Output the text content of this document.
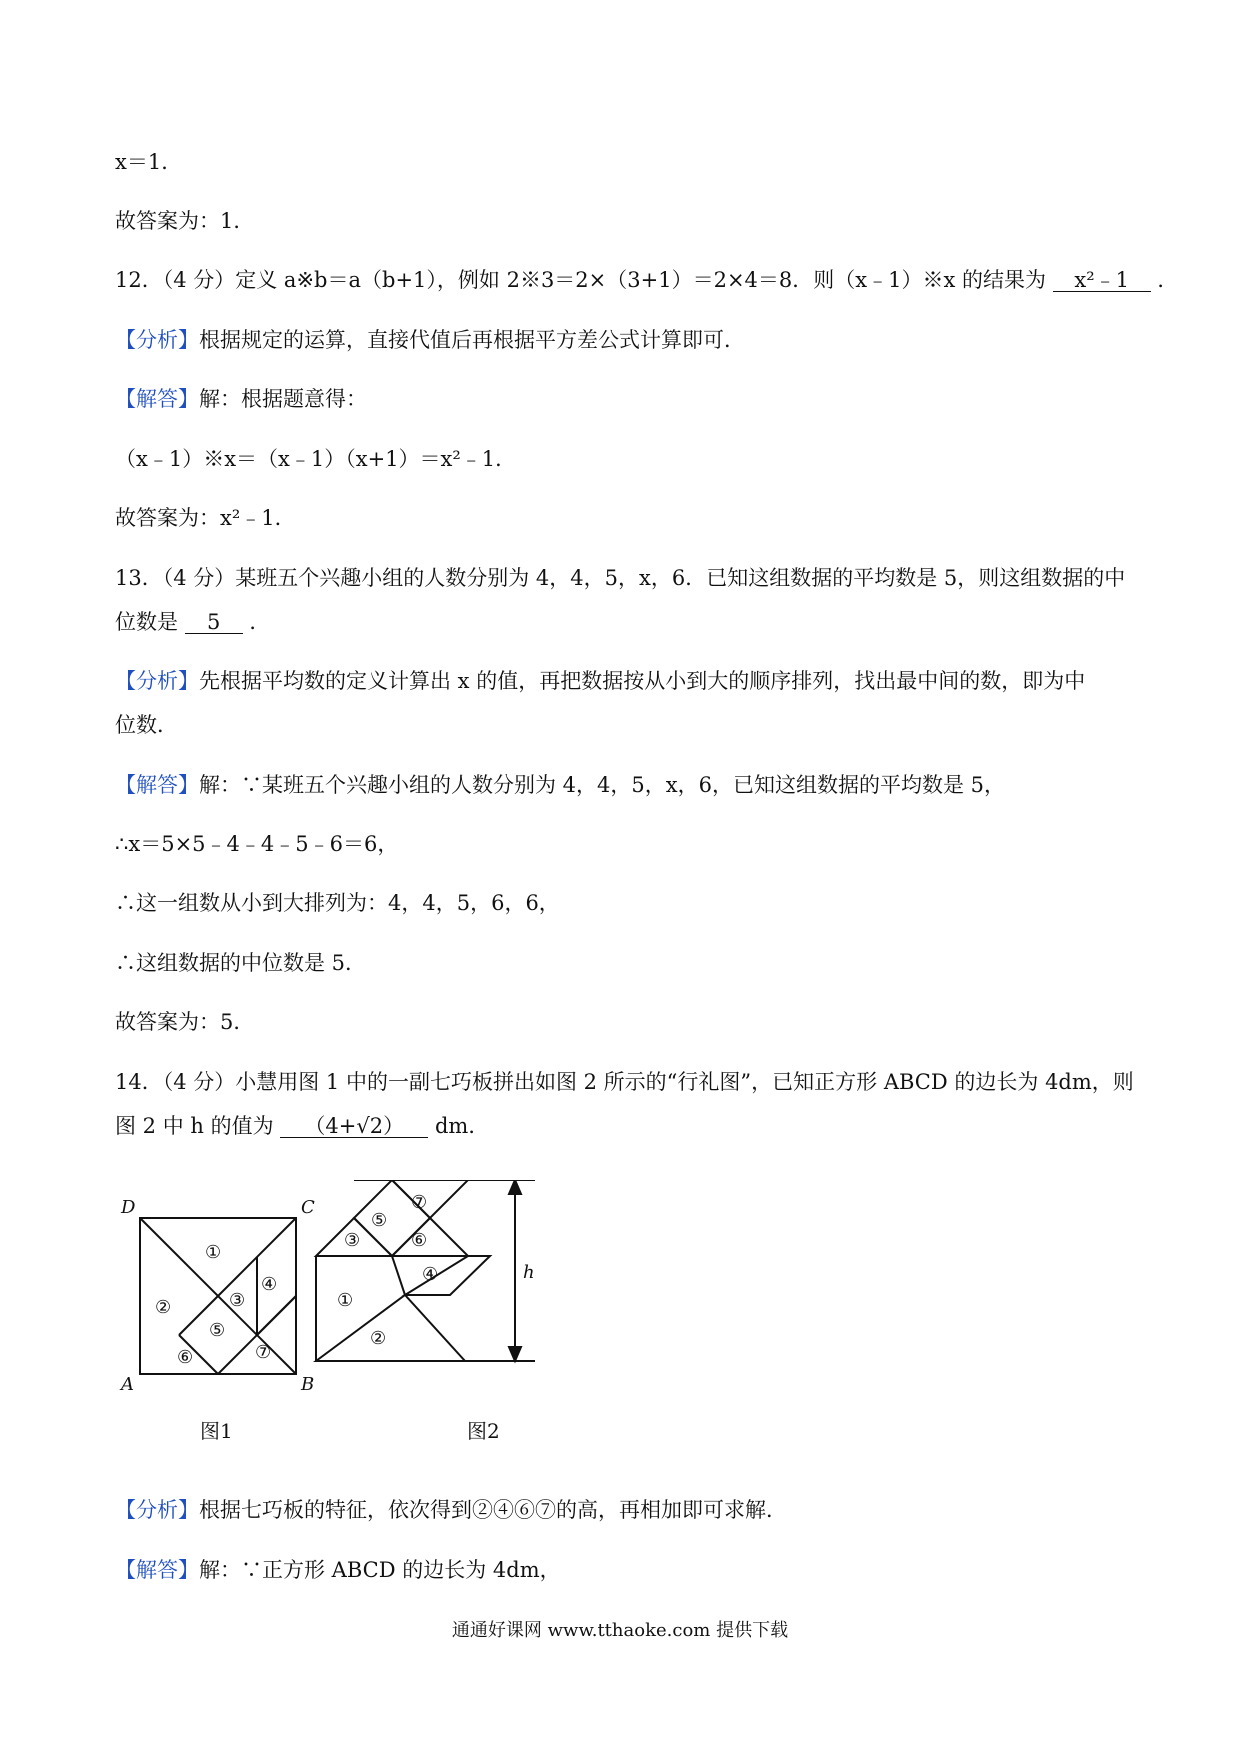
x＝1．
故答案为：1．
12．（4 分）定义 a※b＝a（b+1），例如 2※3＝2×（3+1）＝2×4＝8．则（x﹣1）※x 的结果为 x²﹣1 ．
【分析】根据规定的运算，直接代值后再根据平方差公式计算即可．
【解答】解：根据题意得：
（x﹣1）※x＝（x﹣1）（x+1）＝x²﹣1．
故答案为：x²﹣1．
13．（4 分）某班五个兴趣小组的人数分别为 4，4，5，x，6．已知这组数据的平均数是 5，则这组数据的中
位数是 5 ．
【分析】先根据平均数的定义计算出 x 的值，再把数据按从小到大的顺序排列，找出最中间的数，即为中
位数．
【解答】解：∵某班五个兴趣小组的人数分别为 4，4，5，x，6，已知这组数据的平均数是 5，
∴x＝5×5﹣4﹣4﹣5﹣6＝6，
∴这一组数从小到大排列为：4，4，5，6，6，
∴这组数据的中位数是 5．
故答案为：5．
14．（4 分）小慧用图 1 中的一副七巧板拼出如图 2 所示的“行礼图”，已知正方形 ABCD 的边长为 4dm，则
图 2 中 h 的值为 （4+√2） dm．
D	C
A	B
①
②	③
④
⑤
⑥	⑦
①
②
③
④
⑤
⑥
⑦
h
图1	图2
【分析】根据七巧板的特征，依次得到②④⑥⑦的高，再相加即可求解．
【解答】解：∵正方形 ABCD 的边长为 4dm，
通通好课网 www.tthaoke.com 提供下载
